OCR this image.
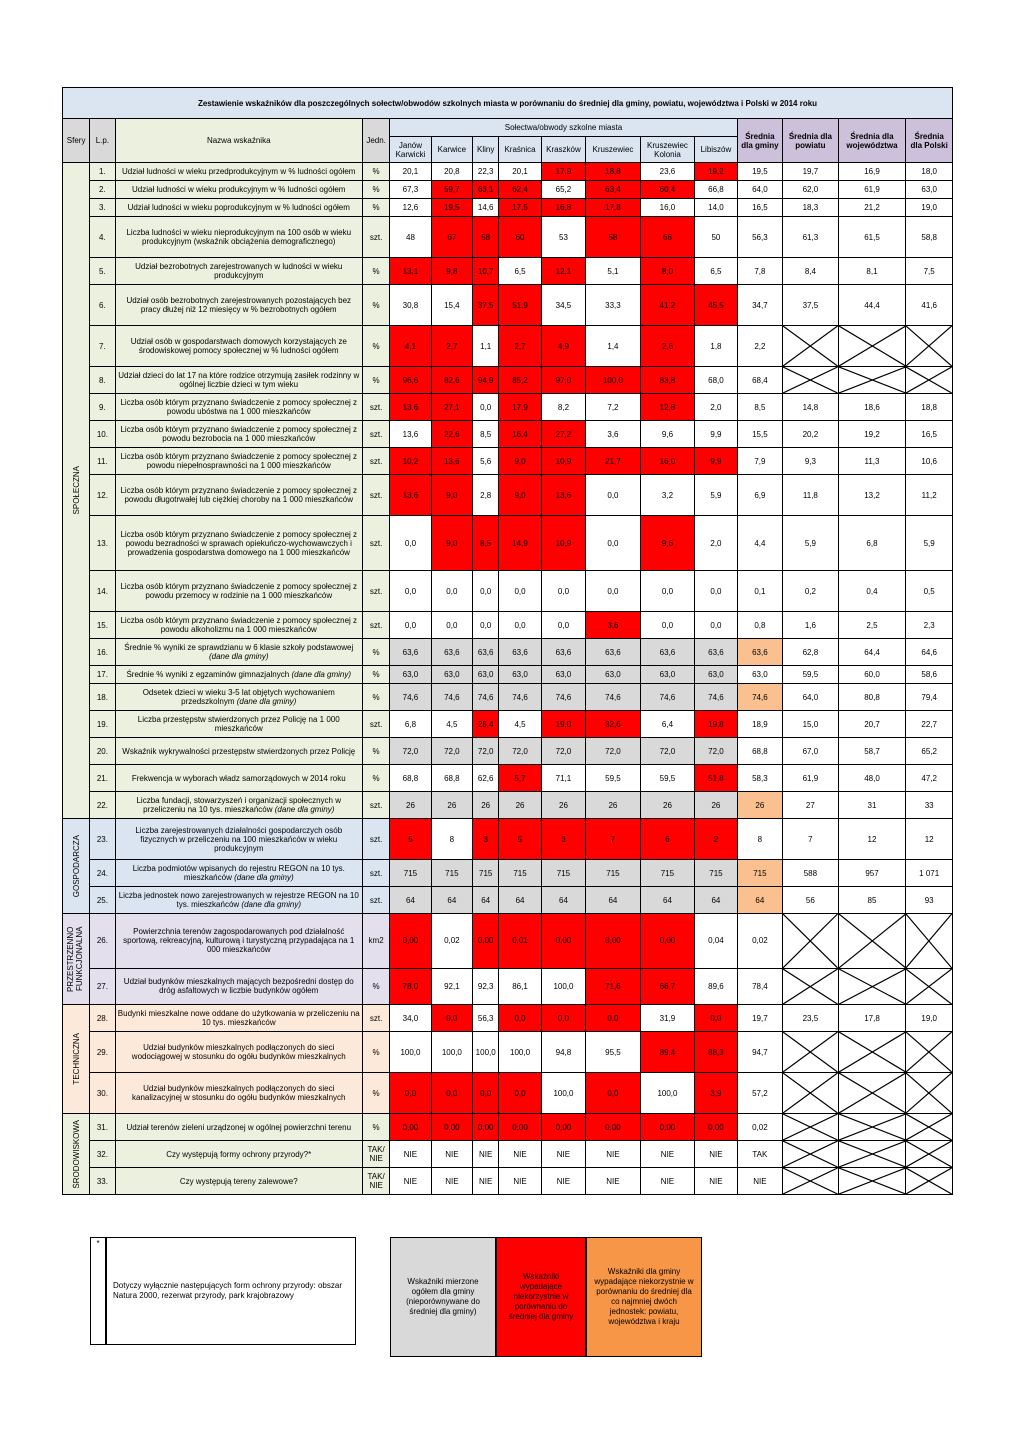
Zestawienie wskaźników dla poszczególnych sołectw/obwodów szkolnych miasta w porównaniu do średniej dla gminy, powiatu, województwa i Polski w 2014 roku															
Sfery	L.p.	Nazwa wskaźnika	Jedn.	Sołectwa/obwody szkolne miasta								Średnia dla gminy	Średnia dla powiatu	Średnia dla województwa	Średnia dla Polski
				Janów Karwicki	Karwice	Kliny	Kraśnica	Kraszków	Kruszewiec	Kruszewiec Kolonia	Libiszów				

SPOŁECZNA	1.	Udział ludności w wieku przedprodukcyjnym w % ludności ogółem	%	20,1	20,8	22,3	20,1	17,9	18,8	23,6	19,2	19,5	19,7	16,9	18,0
	2.	Udział ludności w wieku produkcyjnym w % ludności ogółem	%	67,3	59,7	63,1	62,4	65,2	63,4	60,4	66,8	64,0	62,0	61,9	63,0
	3.	Udział ludności w wieku poprodukcyjnym w % ludności ogółem	%	12,6	19,5	14,6	17,5	16,8	17,8	16,0	14,0	16,5	18,3	21,2	19,0
	4.	Liczba ludności w wieku nieprodukcyjnym na 100 osób w wieku produkcyjnym (wskaźnik obciążenia demograficznego)	szt.	48	67	58	60	53	58	66	50	56,3	61,3	61,5	58,8
	5.	Udział bezrobotnych zarejestrowanych w ludności w wieku produkcyjnym	%	13,1	9,8	10,7	6,5	12,1	5,1	8,0	6,5	7,8	8,4	8,1	7,5
	6.	Udział osób bezrobotnych zarejestrowanych pozostających bez pracy dłużej niż 12 miesięcy w % bezrobotnych ogółem	%	30,8	15,4	37,5	51,9	34,5	33,3	41,2	45,5	34,7	37,5	44,4	41,6
	7.	Udział osób w gospodarstwach domowych korzystających ze środowiskowej pomocy społecznej w % ludności ogółem	%	4,1	2,7	1,1	2,7	4,9	1,4	2,6	1,8	2,2	

	8.	Udział dzieci do lat 17 na które rodzice otrzymują zasiłek rodzinny w ogólnej liczbie dzieci w tym wieku	%	96,6	82,6	94,9	85,2	97,0	100,0	83,8	68,0	68,4	

	9.	Liczba osób którym przyznano świadczenie z pomocy społecznej z powodu ubóstwa na 1 000 mieszkańców	szt.	13,6	27,1	0,0	17,9	8,2	7,2	12,8	2,0	8,5	14,8	18,6	18,8
	10.	Liczba osób którym przyznano świadczenie z pomocy społecznej z powodu bezrobocia na 1 000 mieszkańców	szt.	13,6	22,6	8,5	16,4	27,2	3,6	9,6	9,9	15,5	20,2	19,2	16,5
	11.	Liczba osób którym przyznano świadczenie z pomocy społecznej z powodu niepełnosprawności na 1 000 mieszkańców	szt.	10,2	13,6	5,6	9,0	10,9	21,7	16,0	9,9	7,9	9,3	11,3	10,6
	12.	Liczba osób którym przyznano świadczenie z pomocy społecznej z powodu długotrwałej lub ciężkiej choroby na 1 000 mieszkańców	szt.	13,6	9,0	2,8	9,0	13,6	0,0	3,2	5,9	6,9	11,8	13,2	11,2
	13.	Liczba osób którym przyznano świadczenie z pomocy społecznej z powodu bezradności w sprawach opiekuńczo-wychowawczych i prowadzenia gospodarstwa domowego na 1 000 mieszkańców	szt.	0,0	9,0	8,5	14,9	10,9	0,0	9,6	2,0	4,4	5,9	6,8	5,9
	14.	Liczba osób którym przyznano świadczenie z pomocy społecznej z powodu przemocy w rodzinie na 1 000 mieszkańców	szt.	0,0	0,0	0,0	0,0	0,0	0,0	0,0	0,0	0,1	0,2	0,4	0,5
	15.	Liczba osób którym przyznano świadczenie z pomocy społecznej z powodu alkoholizmu na 1 000 mieszkańców	szt.	0,0	0,0	0,0	0,0	0,0	3,6	0,0	0,0	0,8	1,6	2,5	2,3
	16.	Średnie % wyniki ze sprawdzianu w 6 klasie szkoły podstawowej (dane dla gminy)	%	63,6	63,6	63,6	63,6	63,6	63,6	63,6	63,6	63,6	62,8	64,4	64,6
	17.	Średnie % wyniki z egzaminów gimnazjalnych (dane dla gminy)	%	63,0	63,0	63,0	63,0	63,0	63,0	63,0	63,0	63,0	59,5	60,0	58,6
	18.	Odsetek dzieci w wieku 3-5 lat objętych wychowaniem przedszkolnym (dane dla gminy)	%	74,6	74,6	74,6	74,6	74,6	74,6	74,6	74,6	74,6	64,0	80,8	79,4
	19.	Liczba przestępstw stwierdzonych przez Policję na 1 000 mieszkańców	szt.	6,8	4,5	25,4	4,5	19,0	32,6	6,4	19,8	18,9	15,0	20,7	22,7
	20.	Wskaźnik wykrywalności przestępstw stwierdzonych przez Policję	%	72,0	72,0	72,0	72,0	72,0	72,0	72,0	72,0	68,8	67,0	58,7	65,2
	21.	Frekwencja w wyborach władz samorządowych w 2014 roku	%	68,8	68,8	62,6	5,7	71,1	59,5	59,5	51,8	58,3	61,9	48,0	47,2
	22.	Liczba fundacji, stowarzyszeń i organizacji społecznych w przeliczeniu na 10 tys. mieszkańców (dane dla gminy)	szt.	26	26	26	26	26	26	26	26	26	27	31	33

GOSPODARCZA	23.	Liczba zarejestrowanych działalności gospodarczych osób fizycznych w przeliczeniu na 100 mieszkańców w wieku produkcyjnym	szt.	5	8	3	5	3	7	6	2	8	7	12	12
	24.	Liczba podmiotów wpisanych do rejestru REGON na 10 tys. mieszkańców (dane dla gminy)	szt.	715	715	715	715	715	715	715	715	715	588	957	1 071
	25.	Liczba jednostek nowo zarejestrowanych w rejestrze REGON na 10 tys. mieszkańców (dane dla gminy)	szt.	64	64	64	64	64	64	64	64	64	56	85	93

PRZESTRZENNO FUNKCJONALNA	26.	Powierzchnia terenów zagospodarowanych pod działalność sportową, rekreacyjną, kulturową i turystyczną przypadająca na 1 000 mieszkańców	km2	0,00	0,02	0,00	0,01	0,00	0,00	0,00	0,04	0,02	

	27.	Udział budynków mieszkalnych mających bezpośredni dostęp do dróg asfaltowych w liczbie budynków ogółem	%	78,0	92,1	92,3	86,1	100,0	71,6	66,7	89,6	78,4	

TECHNICZNA	28.	Budynki mieszkalne nowe oddane do użytkowania w przeliczeniu na 10 tys. mieszkańców	szt.	34,0	0,0	56,3	0,0	0,0	0,0	31,9	0,0	19,7	23,5	17,8	19,0
	29.	Udział budynków mieszkalnych podłączonych do sieci wodociągowej w stosunku do ogółu budynków mieszkalnych	%	100,0	100,0	100,0	100,0	94,8	95,5	89,4	88,3	94,7	

	30.	Udział budynków mieszkalnych podłączonych do sieci kanalizacyjnej w stosunku do ogółu budynków mieszkalnych	%	0,0	0,0	0,0	0,0	100,0	0,0	100,0	3,9	57,2	

ŚRODOWISKOWA	31.	Udział terenów zieleni urządzonej w ogólnej powierzchni terenu	%	0,00	0,00	0,00	0,00	0,00	0,00	0,00	0,00	0,02	

	32.	Czy występują formy ochrony przyrody?*	TAK/ NIE	NIE	NIE	NIE	NIE	NIE	NIE	NIE	NIE	TAK	

	33.	Czy występują tereny zalewowe?	TAK/ NIE	NIE	NIE	NIE	NIE	NIE	NIE	NIE	NIE	NIE	

*
Dotyczy wyłącznie następujących form ochrony przyrody: obszar Natura 2000, rezerwat przyrody, park krajobrazowy
Wskaźniki mierzone ogółem dla gminy (nieporównywane do średniej dla gminy)
Wskaźniki wypadające niekorzystnie w porównaniu do średniej dla gminy
Wskaźniki dla gminy wypadające niekorzystnie w porównaniu do średniej dla co najmniej dwóch jednostek: powiatu, województwa i kraju
